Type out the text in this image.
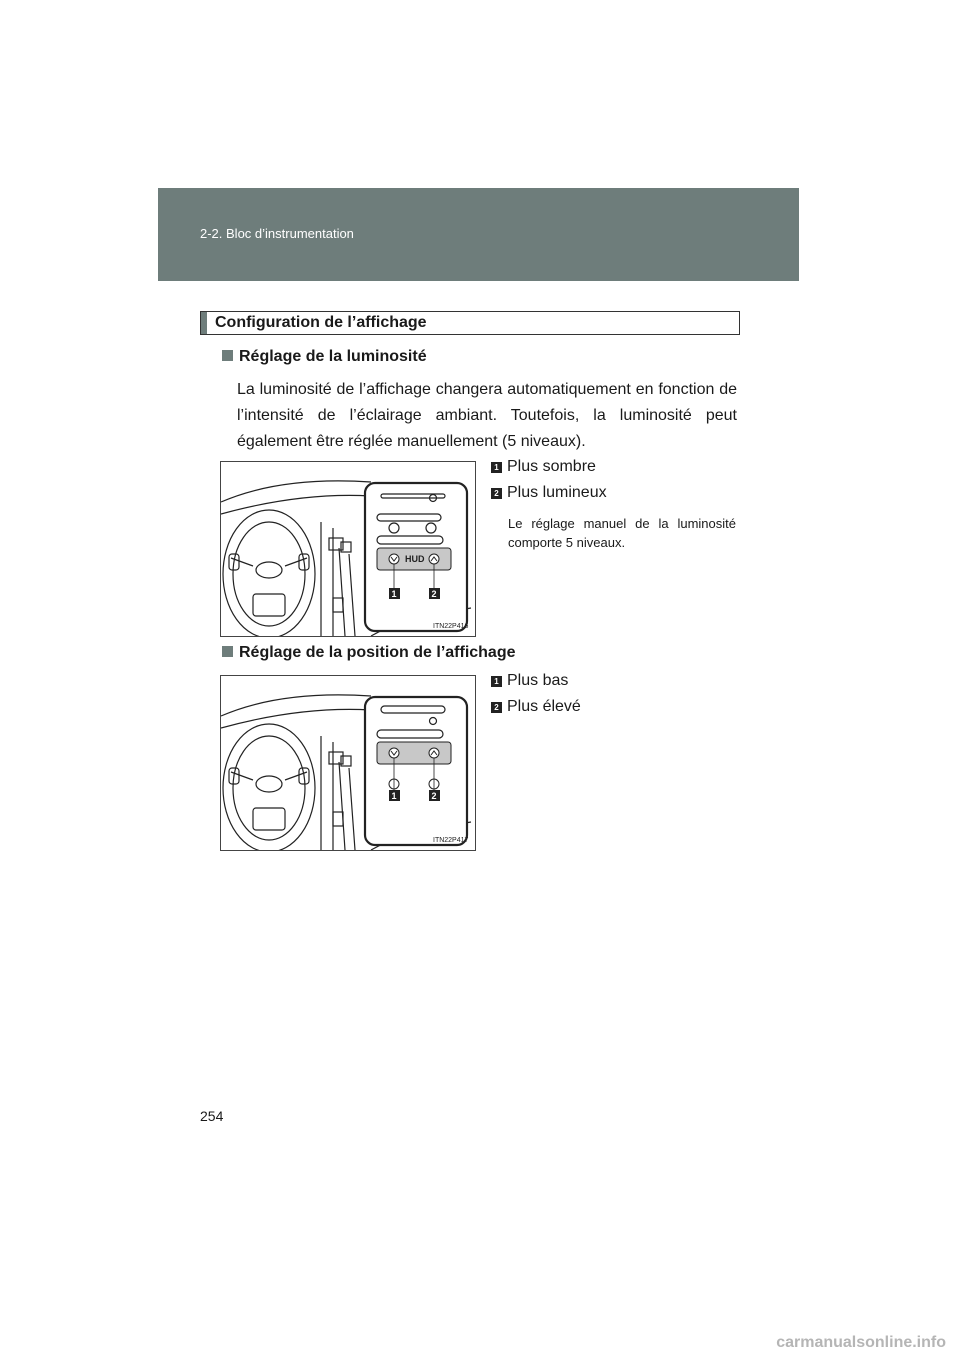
2-2. Bloc d’instrumentation
Configuration de l’affichage
Réglage de la luminosité
La luminosité de l’affichage changera automatiquement en fonction de l’intensité de l’éclairage ambiant. Toutefois, la luminosité peut également être réglée manuellement (5 niveaux).
HUD
1	2
ITN22P416
1 Plus sombre
2 Plus lumineux
Le réglage manuel de la luminosité comporte 5 niveaux.
Réglage de la position de l’affichage
1	2
ITN22P417
1 Plus bas
2 Plus élevé
254
carmanualsonline.info
